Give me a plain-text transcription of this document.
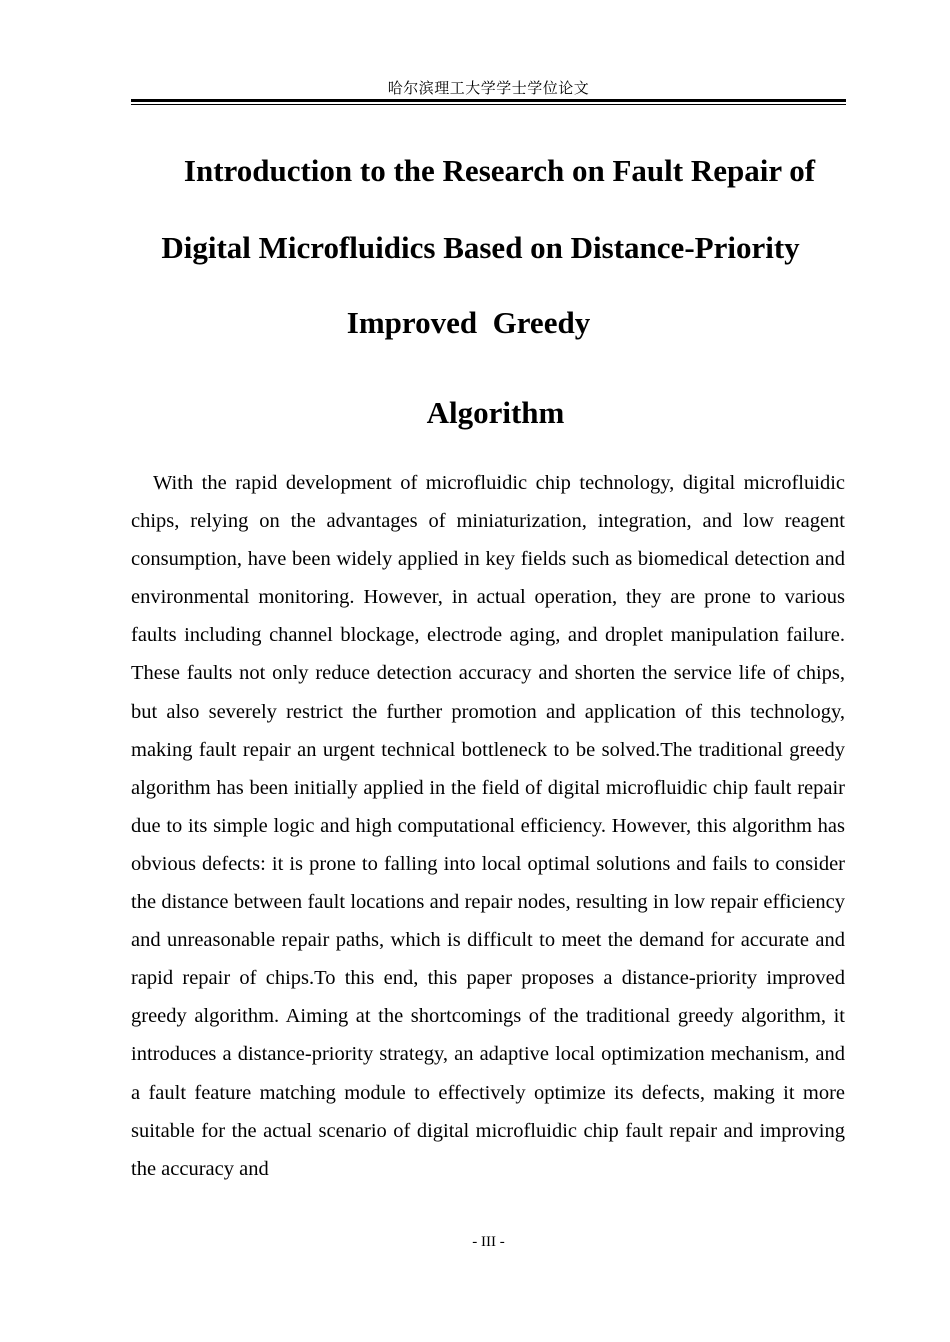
哈尔滨理工大学学士学位论文
Introduction to the Research on Fault Repair of
Digital Microfluidics Based on Distance-Priority
Improved  Greedy
Algorithm

With the rapid development of microfluidic chip technology, digital microfluidic chips, relying on the advantages of miniaturization, integration, and low reagent consumption, have been widely applied in key fields such as biomedical detection and environmental monitoring. However, in actual operation, they are prone to various faults including channel blockage, electrode aging, and droplet manipulation failure. These faults not only reduce detection accuracy and shorten the service life of chips, but also severely restrict the further promotion and application of this technology, making fault repair an urgent technical bottleneck to be solved.The traditional greedy algorithm has been initially applied in the field of digital microfluidic chip fault repair due to its simple logic and high computational efficiency. However, this algorithm has obvious defects: it is prone to falling into local optimal solutions and fails to consider the distance between fault locations and repair nodes, resulting in low repair efficiency and unreasonable repair paths, which is difficult to meet the demand for accurate and rapid repair of chips.To this end, this paper proposes a distance-priority improved greedy algorithm. Aiming at the shortcomings of the traditional greedy algorithm, it introduces a distance-priority strategy, an adaptive local optimization mechanism, and a fault feature matching module to effectively optimize its defects, making it more suitable for the actual scenario of digital microfluidic chip fault repair and improving the accuracy and

- III -
